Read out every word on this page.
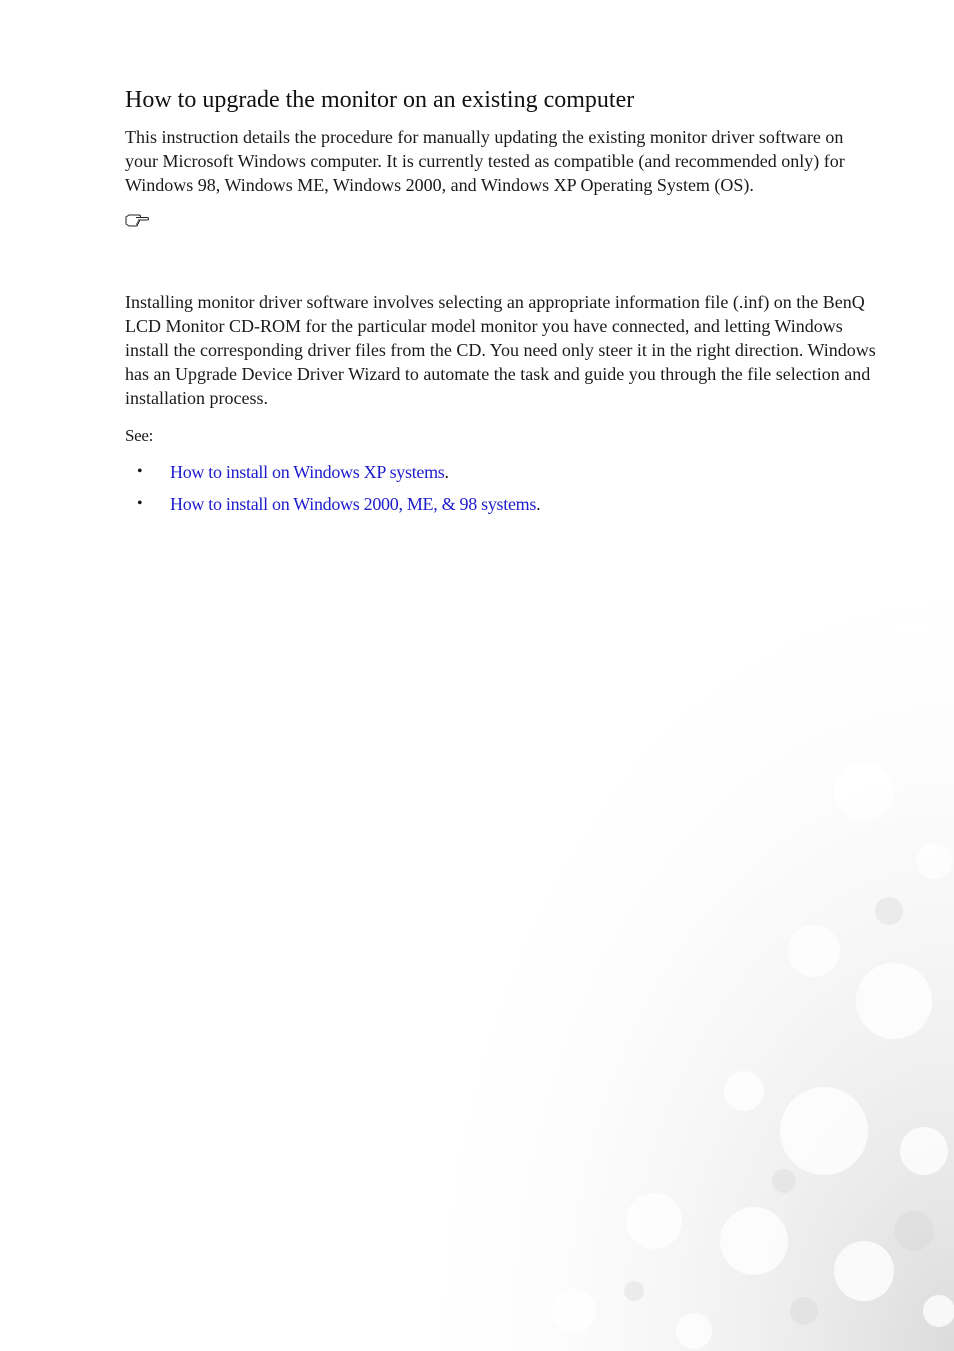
How to upgrade the monitor on an existing computer

This instruction details the procedure for manually updating the existing monitor driver software on your Microsoft Windows computer. It is currently tested as compatible (and recommended only) for Windows 98, Windows ME, Windows 2000, and Windows XP Operating System (OS).

Installing monitor driver software involves selecting an appropriate information file (.inf) on the BenQ LCD Monitor CD-ROM for the particular model monitor you have connected, and letting Windows install the corresponding driver files from the CD. You need only steer it in the right direction. Windows has an Upgrade Device Driver Wizard to automate the task and guide you through the file selection and installation process.

See:

• How to install on Windows XP systems.
• How to install on Windows 2000, ME, & 98 systems.
